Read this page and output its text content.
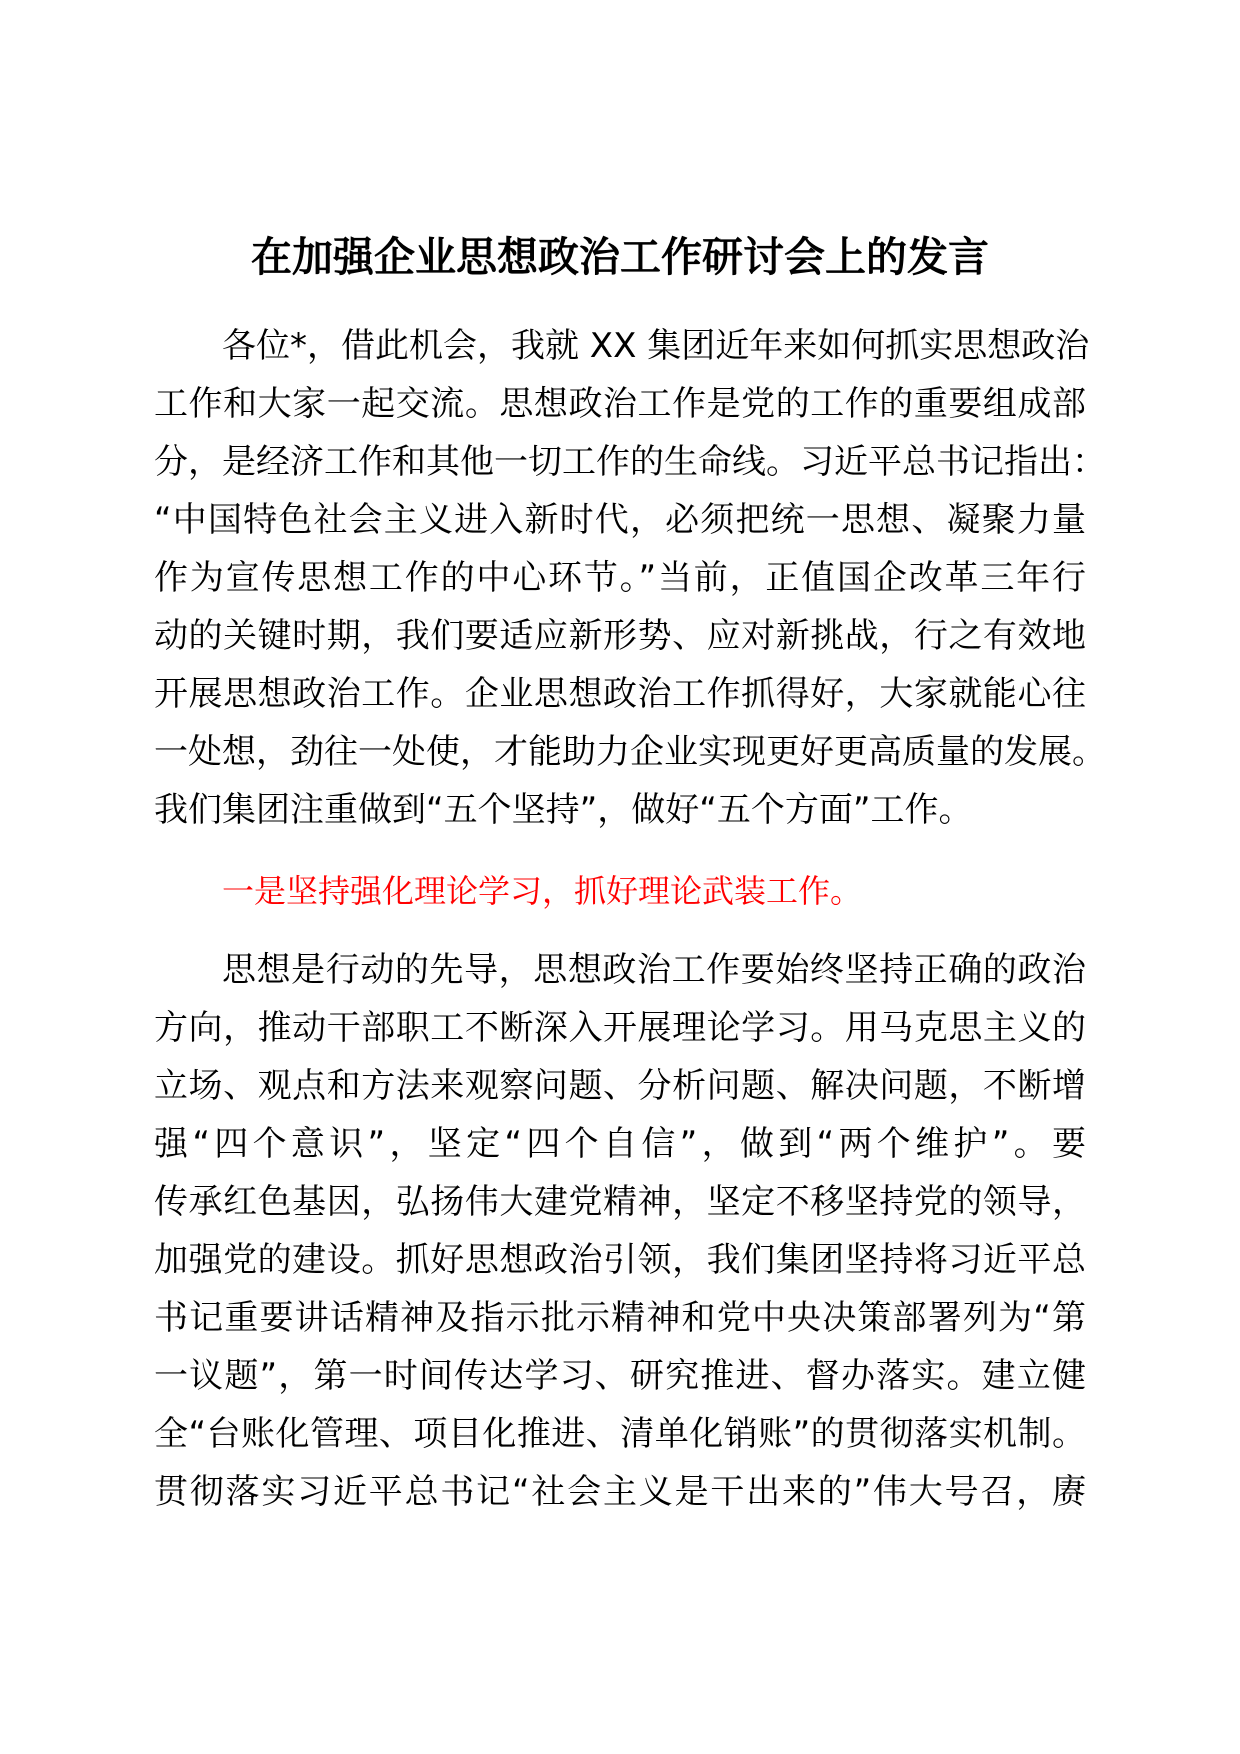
在加强企业思想政治工作研讨会上的发言
各位*，借此机会，我就 XX 集团近年来如何抓实思想政治
工作和大家一起交流。思想政治工作是党的工作的重要组成部
分，是经济工作和其他一切工作的生命线。习近平总书记指出：
“中国特色社会主义进入新时代，必须把统一思想、凝聚力量
作为宣传思想工作的中心环节。”当前，正值国企改革三年行
动的关键时期，我们要适应新形势、应对新挑战，行之有效地
开展思想政治工作。企业思想政治工作抓得好，大家就能心往
一处想，劲往一处使，才能助力企业实现更好更高质量的发展。
我们集团注重做到“五个坚持”，做好“五个方面”工作。
一是坚持强化理论学习，抓好理论武装工作。
思想是行动的先导，思想政治工作要始终坚持正确的政治
方向，推动干部职工不断深入开展理论学习。用马克思主义的
立场、观点和方法来观察问题、分析问题、解决问题，不断增
强“四个意识”，坚定“四个自信”，做到“两个维护”。要
传承红色基因，弘扬伟大建党精神，坚定不移坚持党的领导，
加强党的建设。抓好思想政治引领，我们集团坚持将习近平总
书记重要讲话精神及指示批示精神和党中央决策部署列为“第
一议题”，第一时间传达学习、研究推进、督办落实。建立健
全“台账化管理、项目化推进、清单化销账”的贯彻落实机制。
贯彻落实习近平总书记“社会主义是干出来的”伟大号召，赓
